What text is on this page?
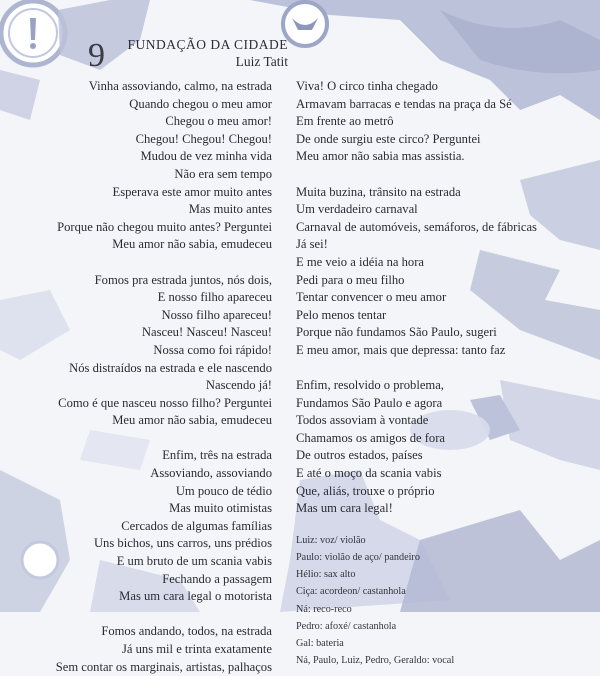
9 FUNDAÇÃO DA CIDADE
Luiz Tatit
Vinha assoviando, calmo, na estrada
Quando chegou o meu amor
Chegou o meu amor!
Chegou! Chegou! Chegou!
Mudou de vez minha vida
Não era sem tempo
Esperava este amor muito antes
Mas muito antes
Porque não chegou muito antes? Perguntei
Meu amor não sabia, emudeceu
Fomos pra estrada juntos, nós dois,
E nosso filho apareceu
Nosso filho apareceu!
Nasceu! Nasceu! Nasceu!
Nossa como foi rápido!
Nós distraídos na estrada e ele nascendo
Nascendo já!
Como é que nasceu nosso filho? Perguntei
Meu amor não sabia, emudeceu
Enfim, três na estrada
Assoviando, assoviando
Um pouco de tédio
Mas muito otimistas
Cercados de algumas famílias
Uns bichos, uns carros, uns prédios
E um bruto de um scania vabis
Fechando a passagem
Mas um cara legal o motorista
Fomos andando, todos, na estrada
Já uns mil e trinta exatamente
Sem contar os marginais, artistas, palhaços
Viva! O circo tinha chegado
Armavam barracas e tendas na praça da Sé
Em frente ao metrô
De onde surgiu este circo? Perguntei
Meu amor não sabia mas assistia.
Muita buzina, trânsito na estrada
Um verdadeiro carnaval
Carnaval de automóveis, semáforos, de fábricas
Já sei!
E me veio a idéia na hora
Pedi para o meu filho
Tentar convencer o meu amor
Pelo menos tentar
Porque não fundamos São Paulo, sugeri
E meu amor, mais que depressa: tanto faz
Enfim, resolvido o problema,
Fundamos São Paulo e agora
Todos assoviam à vontade
Chamamos os amigos de fora
De outros estados, países
E até o moço da scania vabis
Que, aliás, trouxe o próprio
Mas um cara legal!
Luiz: voz/ violão
Paulo: violão de aço/ pandeiro
Hélio: sax alto
Ciça: acordeon/ castanhola
Ná: reco-reco
Pedro: afoxé/ castanhola
Gal: bateria
Ná, Paulo, Luiz, Pedro, Geraldo: vocal
